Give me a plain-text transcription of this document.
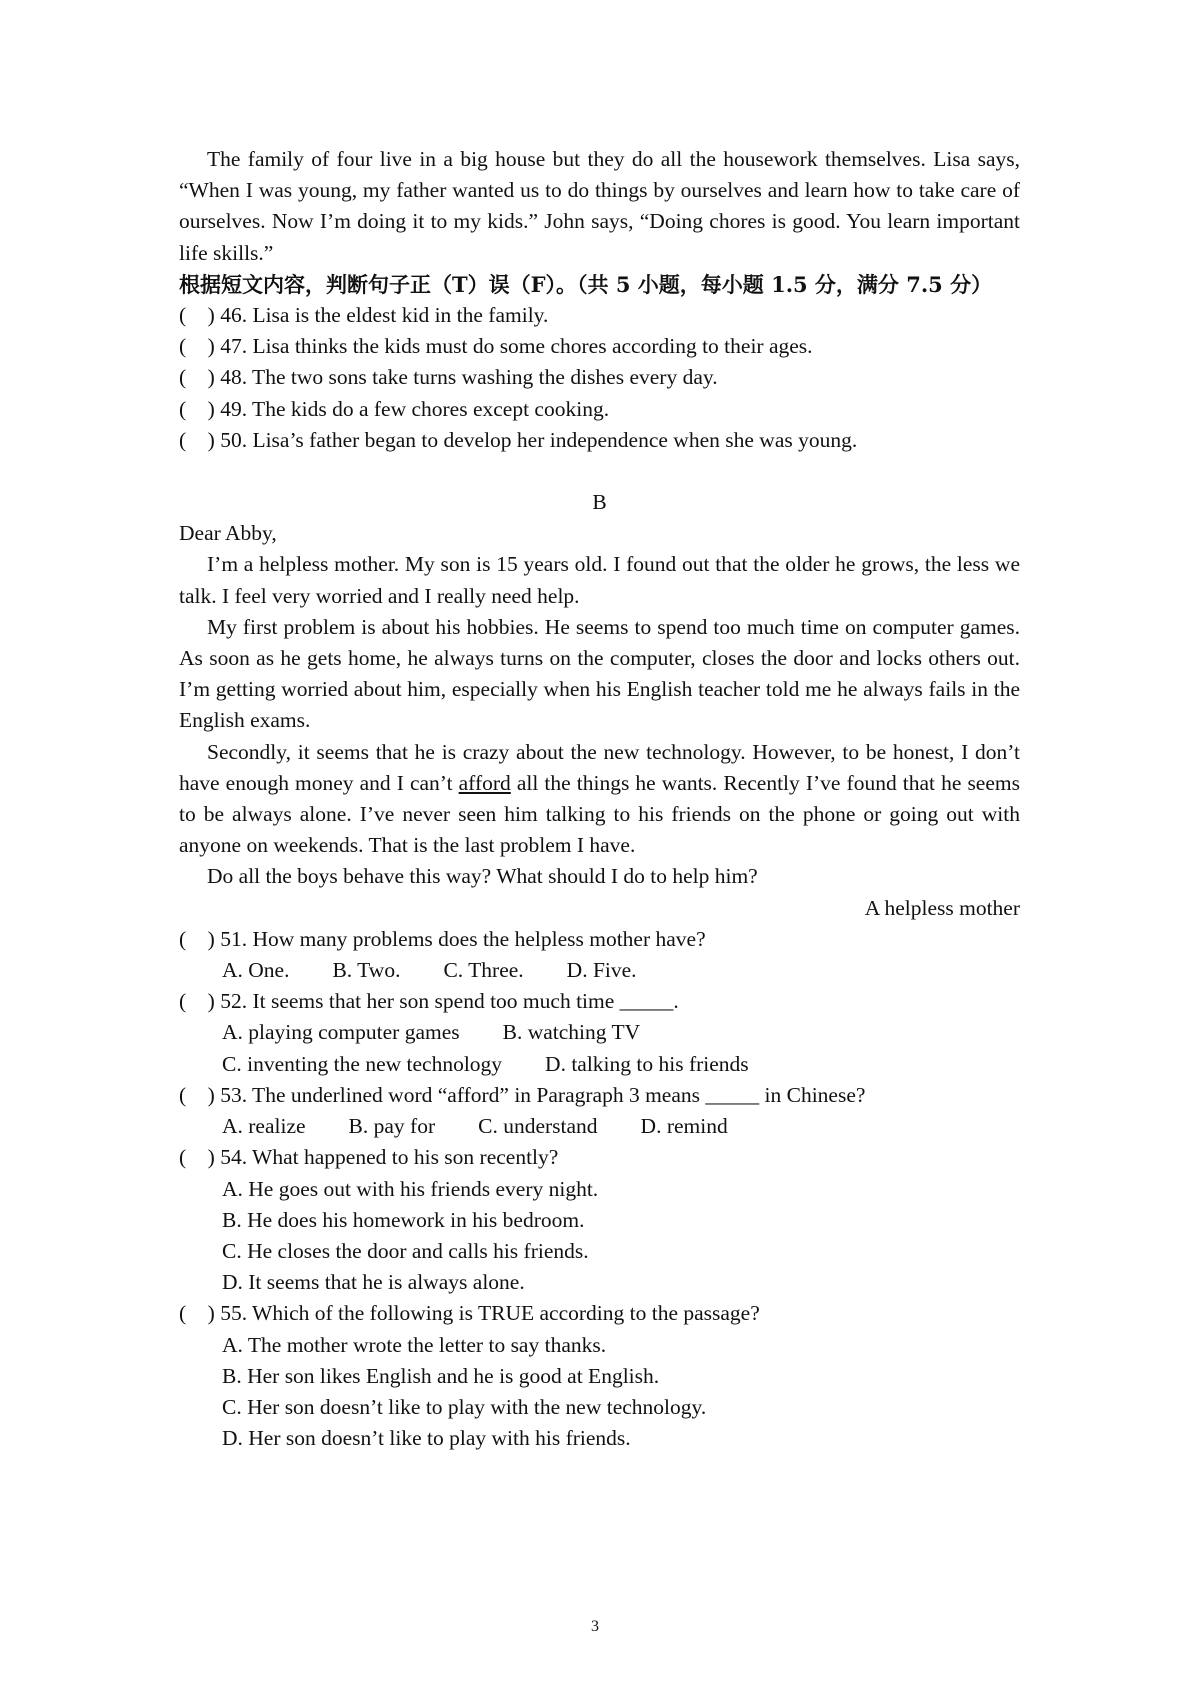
The family of four live in a big house but they do all the housework themselves. Lisa says, “When I was young, my father wanted us to do things by ourselves and learn how to take care of ourselves. Now I’m doing it to my kids.” John says, “Doing chores is good. You learn important life skills.”

根据短文内容，判断句子正（T）误（F）。（共 5 小题，每小题 1.5 分，满分 7.5 分）

(    ) 46. Lisa is the eldest kid in the family.

(    ) 47. Lisa thinks the kids must do some chores according to their ages.

(    ) 48. The two sons take turns washing the dishes every day.

(    ) 49. The kids do a few chores except cooking.

(    ) 50. Lisa’s father began to develop her independence when she was young.

B

Dear Abby,

I’m a helpless mother. My son is 15 years old. I found out that the older he grows, the less we talk. I feel very worried and I really need help.

My first problem is about his hobbies. He seems to spend too much time on computer games. As soon as he gets home, he always turns on the computer, closes the door and locks others out. I’m getting worried about him, especially when his English teacher told me he always fails in the English exams.

Secondly, it seems that he is crazy about the new technology. However, to be honest, I don’t have enough money and I can’t afford all the things he wants. Recently I’ve found that he seems to be always alone. I’ve never seen him talking to his friends on the phone or going out with anyone on weekends. That is the last problem I have.

Do all the boys behave this way? What should I do to help him?

A helpless mother

(    ) 51. How many problems does the helpless mother have?

A. One.        B. Two.        C. Three.        D. Five.

(    ) 52. It seems that her son spend too much time _____.

A. playing computer games        B. watching TV

C. inventing the new technology        D. talking to his friends

(    ) 53. The underlined word “afford” in Paragraph 3 means _____ in Chinese?

A. realize        B. pay for        C. understand        D. remind

(    ) 54. What happened to his son recently?

A. He goes out with his friends every night.

B. He does his homework in his bedroom.

C. He closes the door and calls his friends.

D. It seems that he is always alone.

(    ) 55. Which of the following is TRUE according to the passage?

A. The mother wrote the letter to say thanks.

B. Her son likes English and he is good at English.

C. Her son doesn’t like to play with the new technology.

D. Her son doesn’t like to play with his friends.

3
